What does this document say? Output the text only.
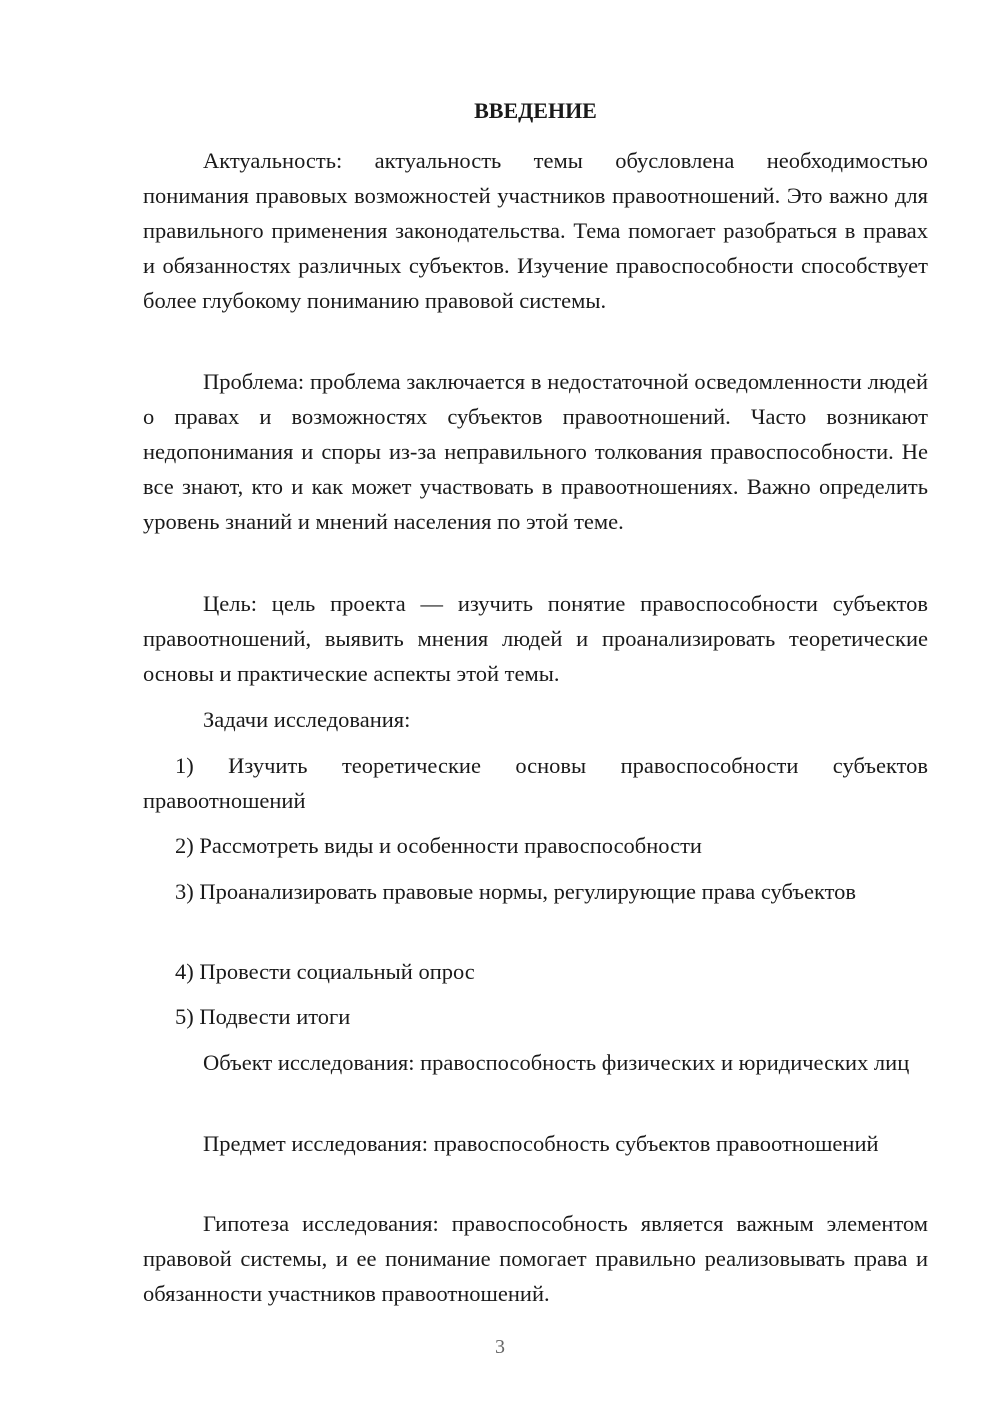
ВВЕДЕНИЕ

Актуальность: актуальность темы обусловлена необходимостью понимания правовых возможностей участников правоотношений. Это важно для правильного применения законодательства. Тема помогает разобраться в правах и обязанностях различных субъектов. Изучение правоспособности способствует более глубокому пониманию правовой системы.

Проблема: проблема заключается в недостаточной осведомленности людей о правах и возможностях субъектов правоотношений. Часто возникают недопонимания и споры из-за неправильного толкования правоспособности. Не все знают, кто и как может участвовать в правоотношениях. Важно определить уровень знаний и мнений населения по этой теме.

Цель: цель проекта — изучить понятие правоспособности субъектов правоотношений, выявить мнения людей и проанализировать теоретические основы и практические аспекты этой темы.

Задачи исследования:

1) Изучить теоретические основы правоспособности субъектов правоотношений

2) Рассмотреть виды и особенности правоспособности

3) Проанализировать правовые нормы, регулирующие права субъектов

4) Провести социальный опрос

5) Подвести итоги

Объект исследования: правоспособность физических и юридических лиц

Предмет исследования: правоспособность субъектов правоотношений

Гипотеза исследования: правоспособность является важным элементом правовой системы, и ее понимание помогает правильно реализовывать права и обязанности участников правоотношений.

3
